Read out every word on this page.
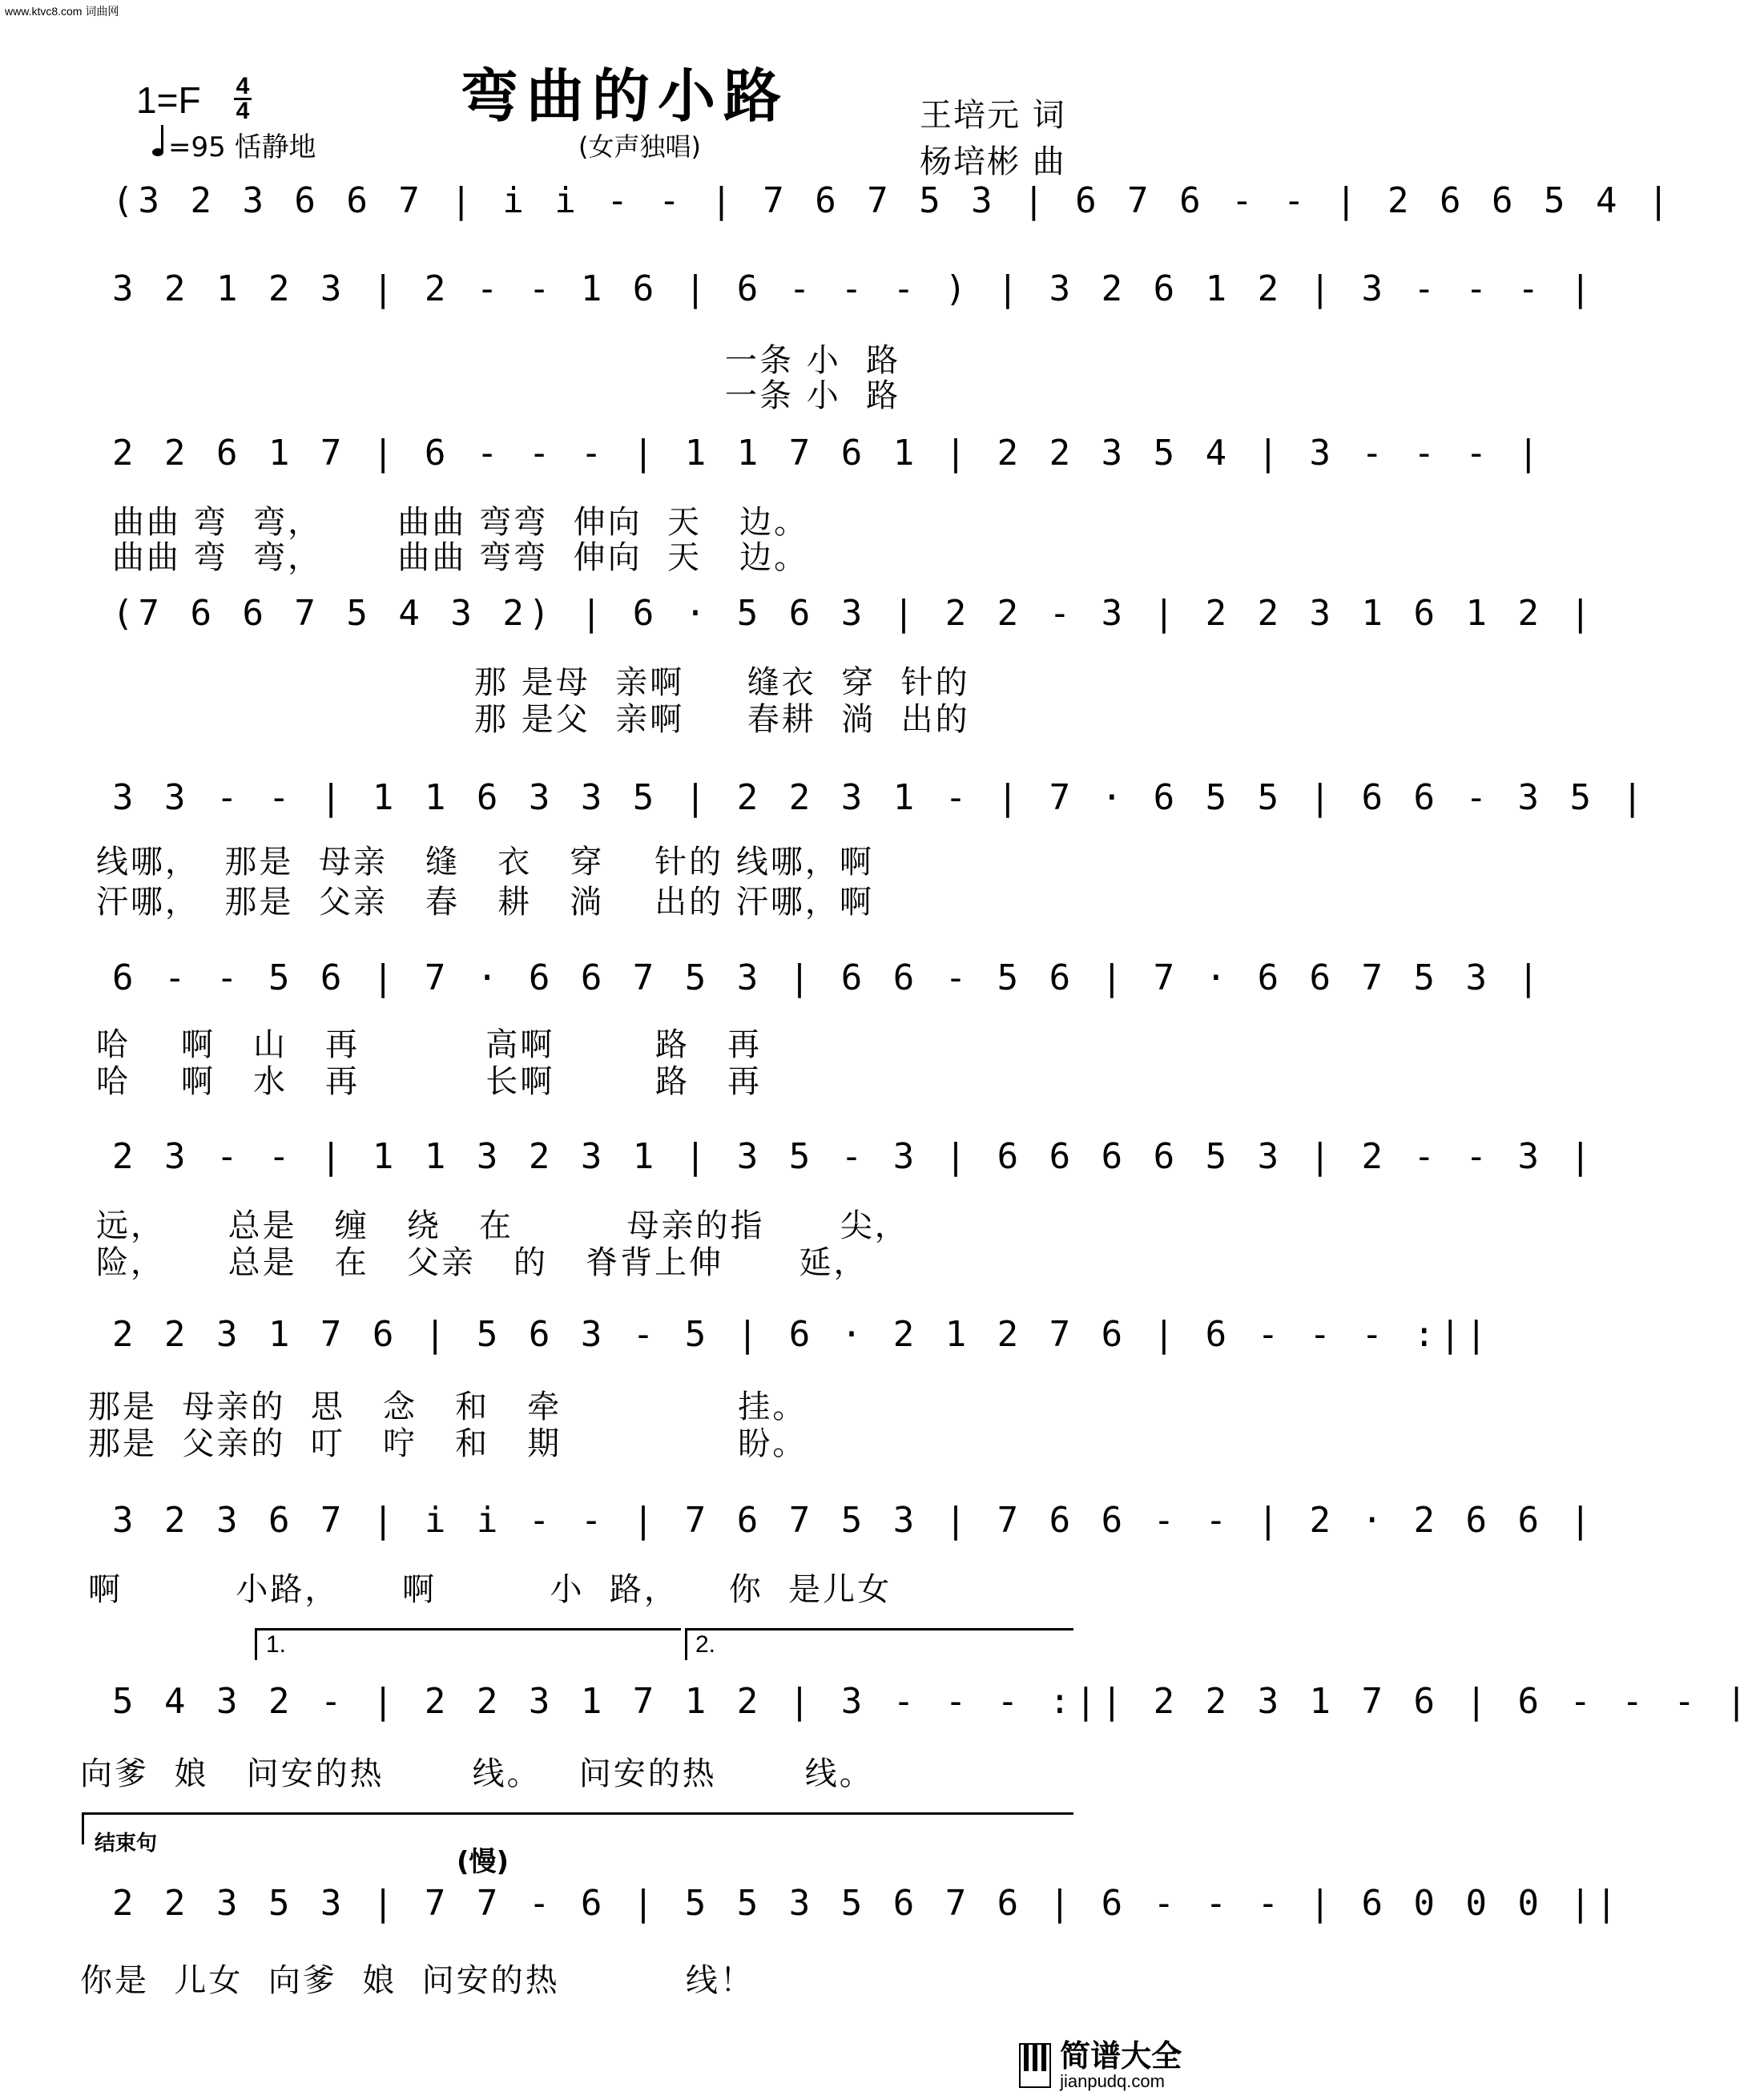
www.ktvc8.com 词曲网
弯曲的小路
(女声独唱)
1=F 4
4
=95 恬静地
王培元 词
杨培彬 曲
(3 2 3 6 6 7 | i i - - | 7 6 7 5 3 | 6 7 6 - - | 2 6 6 5 4 |
3 2 1 2 3 | 2 - - 1 6 | 6 - - - ) | 3 2 6 1 2 | 3 - - - |
一条 小  路
一条 小  路
2 2 6 1 7 | 6 - - - | 1 1 7 6 1 | 2 2 3 5 4 | 3 - - - |
曲曲 弯  弯，      曲曲 弯弯  伸向  天   边。
曲曲 弯  弯，      曲曲 弯弯  伸向  天   边。
(7 6 6 7 5 4 3 2) | 6 · 5 6 3 | 2 2 - 3 | 2 2 3 1 6 1 2 |
那 是母  亲啊     缝衣  穿  针的
那 是父  亲啊     春耕  淌  出的
3 3 - - | 1 1 6 3 3 5 | 2 2 3 1 - | 7 · 6 5 5 | 6 6 - 3 5 |
线哪，  那是  母亲   缝   衣   穿    针的 线哪，啊
汗哪，  那是  父亲   春   耕   淌    出的 汗哪，啊
6 - - 5 6 | 7 · 6 6 7 5 3 | 6 6 - 5 6 | 7 · 6 6 7 5 3 |
哈    啊   山   再          高啊        路   再
哈    啊   水   再          长啊        路   再
2 3 - - | 1 1 3 2 3 1 | 3 5 - 3 | 6 6 6 6 5 3 | 2 - - 3 |
远，     总是   缠   绕   在         母亲的指      尖，
险，     总是   在   父亲   的   脊背上伸      延，
2 2 3 1 7 6 | 5 6 3 - 5 | 6 · 2 1 2 7 6 | 6 - - - :||
那是  母亲的  思   念   和   牵              挂。
那是  父亲的  叮   咛   和   期              盼。
3 2 3 6 7 | i i - - | 7 6 7 5 3 | 7 6 6 - - | 2 · 2 6 6 |
啊         小路，     啊         小  路，    你  是儿女
1.	2.
5 4 3 2 - | 2 2 3 1 7 1 2 | 3 - - - :|| 2 2 3 1 7 6 | 6 - - - |
向爹  娘   问安的热       线。   问安的热       线。
结束句
(慢)
2 2 3 5 3 | 7 7 - 6 | 5 5 3 5 6 7 6 | 6 - - - | 6 0 0 0 ||
你是  儿女  向爹  娘  问安的热          线！

简谱大全
jianpudq.com
